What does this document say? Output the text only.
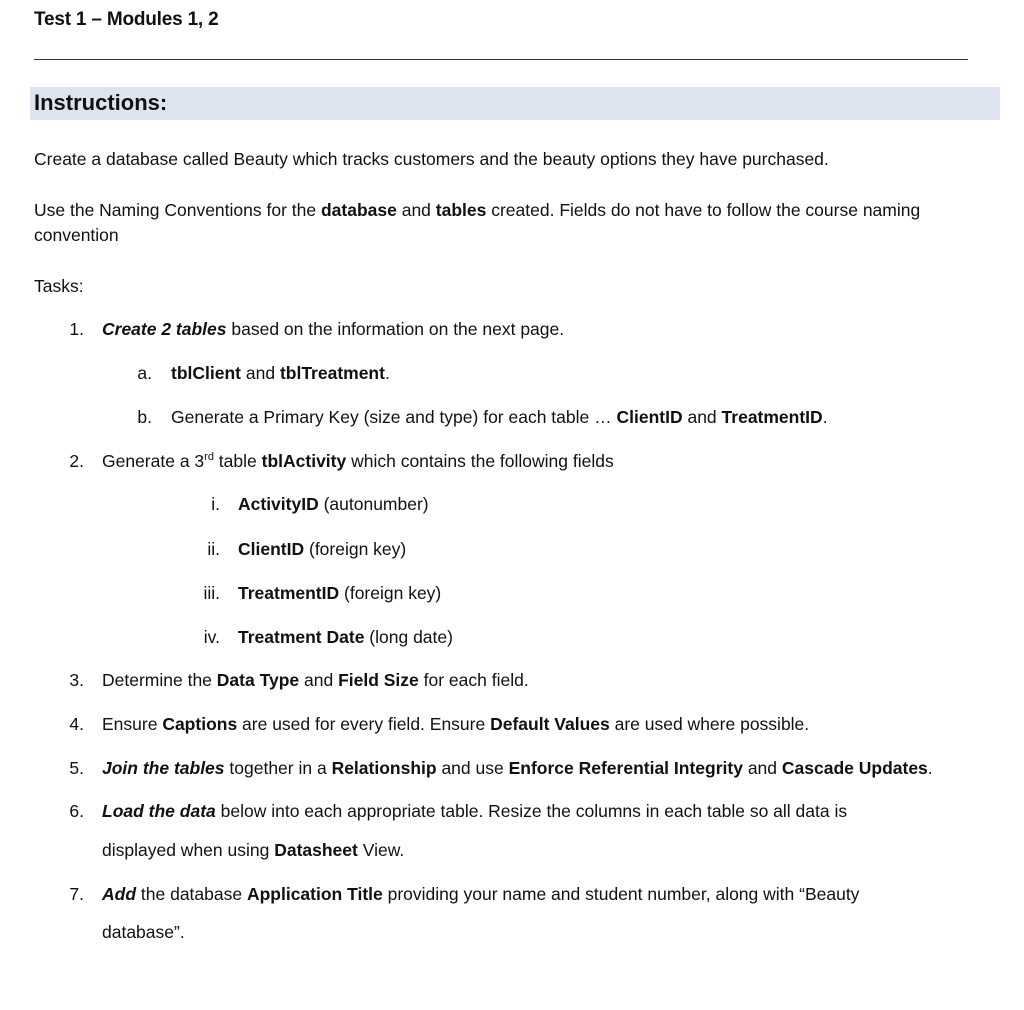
Test 1 – Modules 1, 2
Instructions:
Create a database called Beauty which tracks customers and the beauty options they have purchased.
Use the Naming Conventions for the database and tables created. Fields do not have to follow the course naming
convention
Tasks:
1. Create 2 tables based on the information on the next page.
a. tblClient and tblTreatment.
b. Generate a Primary Key (size and type) for each table … ClientID and TreatmentID.
2. Generate a 3rd table tblActivity which contains the following fields
i. ActivityID (autonumber)
ii. ClientID (foreign key)
iii. TreatmentID (foreign key)
iv. Treatment Date (long date)
3. Determine the Data Type and Field Size for each field.
4. Ensure Captions are used for every field. Ensure Default Values are used where possible.
5. Join the tables together in a Relationship and use Enforce Referential Integrity and Cascade Updates.
6. Load the data below into each appropriate table. Resize the columns in each table so all data is
displayed when using Datasheet View.
7. Add the database Application Title providing your name and student number, along with “Beauty
database”.
